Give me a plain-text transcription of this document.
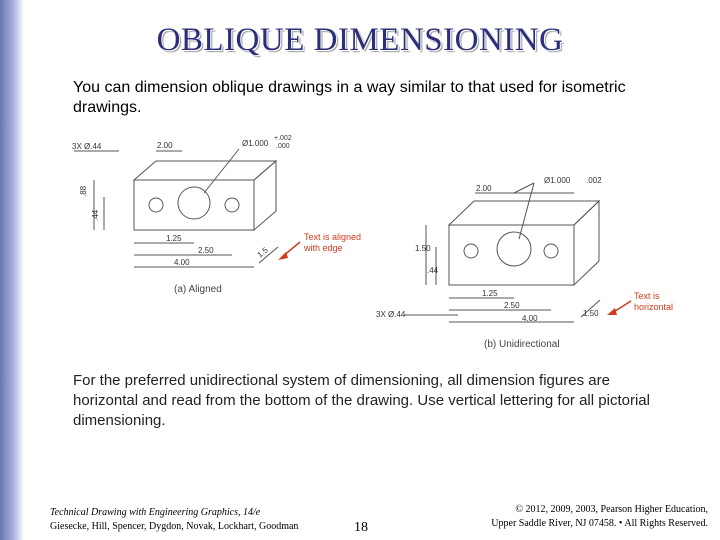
OBLIQUE DIMENSIONING
You can dimension oblique drawings in a way similar to that used for isometric drawings.
3X Ø.44	2.00	Ø1.000
+.002
.000
.88
.44
1.25
2.50
4.00
1.5
(a) Aligned
Text is aligned
with edge
2.00
Ø1.000 .002
1.50
.44
3X Ø.44
1.25
2.50
4.00
1.50
(b) Unidirectional
Text is
horizontal
For the preferred unidirectional system of dimensioning, all dimension figures are horizontal and read from the bottom of the drawing. Use vertical lettering for all pictorial dimensioning.
Technical Drawing with Engineering Graphics, 14/e
Giesecke, Hill, Spencer, Dygdon, Novak, Lockhart, Goodman	18
© 2012, 2009, 2003, Pearson Higher Education,
Upper Saddle River, NJ 07458. • All Rights Reserved.
